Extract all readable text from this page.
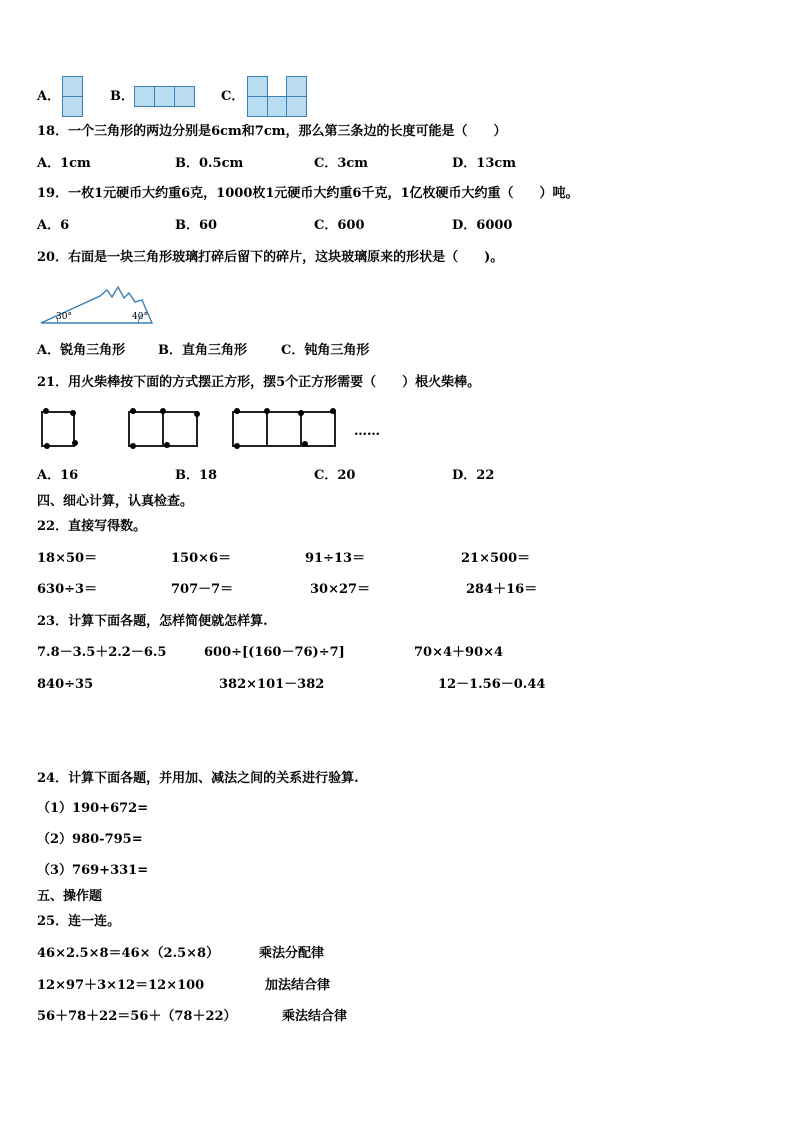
A．	B．	C．
18．一个三角形的两边分别是6cm和7cm，那么第三条边的长度可能是（　　）
A．1cm	B．0.5cm	C．3cm	D．13cm
19．一枚1元硬币大约重6克，1000枚1元硬币大约重6千克，1亿枚硬币大约重（　　）吨。
A．6	B．60	C．600	D．6000
20．右面是一块三角形玻璃打碎后留下的碎片，这块玻璃原来的形状是（　　)。
30°	40°
A．锐角三角形	B．直角三角形	C．钝角三角形
21．用火柴棒按下面的方式摆正方形，摆5个正方形需要（　　）根火柴棒。
……
A．16	B．18	C．20	D．22
四、细心计算，认真检查。
22．直接写得数。
18×50＝	150×6＝	91÷13＝	21×500＝
630÷3＝	707－7＝	30×27＝	284＋16＝
23．计算下面各题，怎样简便就怎样算.
7.8－3.5＋2.2－6.5	600÷[(160－76)÷7]	70×4＋90×4
840÷35	382×101－382	12－1.56－0.44
24．计算下面各题，并用加、减法之间的关系进行验算.
（1）190+672=
（2）980-795=
（3）769+331=
五、操作题
25．连一连。
46×2.5×8＝46×（2.5×8）
12×97＋3×12＝12×100
56＋78＋22＝56＋（78＋22）
乘法分配律
加法结合律
乘法结合律
